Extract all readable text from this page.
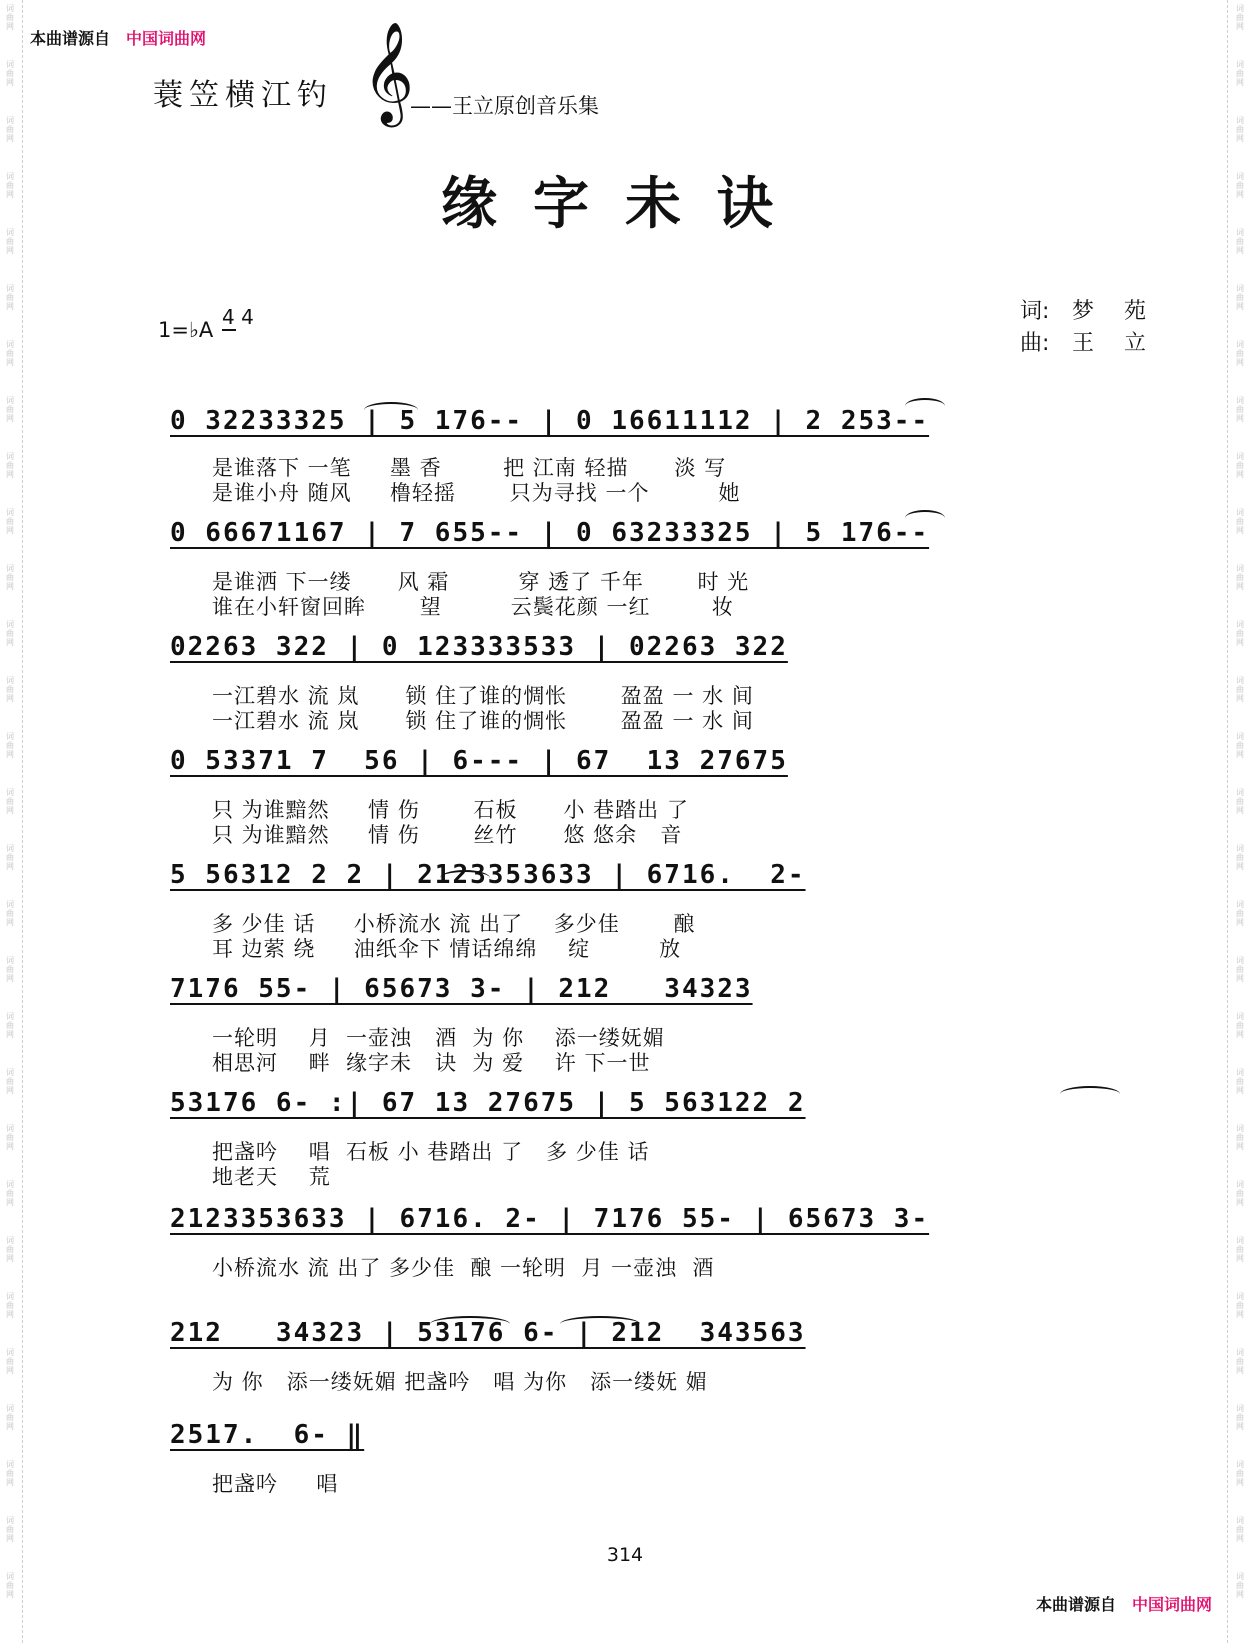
词
曲
网
词
曲
网
词
曲
网
词
曲
网
词
曲
网
词
曲
网
词
曲
网
词
曲
网
词
曲
网
词
曲
网
词
曲
网
词
曲
网
词
曲
网
词
曲
网
词
曲
网
词
曲
网
词
曲
网
词
曲
网
词
曲
网
词
曲
网
词
曲
网
词
曲
网
词
曲
网
词
曲
网
词
曲
网
词
曲
网
词
曲
网
词
曲
网
词
曲
网
词
曲
网
词
曲
网
词
曲
网
词
曲
网
词
曲
网
词
曲
网
词
曲
网
词
曲
网
词
曲
网
词
曲
网
词
曲
网
词
曲
网
词
曲
网
词
曲
网
词
曲
网
词
曲
网
词
曲
网
词
曲
网
词
曲
网
词
曲
网
词
曲
网
词
曲
网
词
曲
网
词
曲
网
词
曲
网
词
曲
网
词
曲
网
词
曲
网
词
曲
网
本曲谱源自 中国词曲网
蓑笠横江钓 𝄞
——王立原创音乐集
缘字未诀
1=♭A
4 4	词: 梦苑
曲: 王立
0 32233325 | 5 176-- | 0 16611112 | 2 253--
是谁落下 一笔     墨 香        把 江南 轻描      淡 写
是谁小舟 随风     橹轻摇       只为寻找 一个         她
0 66671167 | 7 655-- | 0 63233325 | 5 176--
是谁洒 下一缕      风 霜         穿 透了 千年       时 光
谁在小轩窗回眸       望         云鬓花颜 一红        妆
02263 322 | 0 123333533 | 02263 322
一江碧水 流 岚      锁 住了谁的惆怅       盈盈 一 水 间
一江碧水 流 岚      锁 住了谁的惆怅       盈盈 一 水 间
0 53371 7  56 | 6--- | 67  13 27675
只 为谁黯然     情 伤       石板      小 巷踏出 了
只 为谁黯然     情 伤       丝竹      悠 悠余   音
5 56312 2 2 | 2123353633 | 6716.  2-
多 少佳 话     小桥流水 流 出了    多少佳       酿
耳 边萦 绕     油纸伞下 情话绵绵    绽         放
7176 55- | 65673 3- | 212   34323
一轮明    月  一壶浊   酒  为 你    添一缕妩媚
相思河    畔  缘字未   诀  为 爱    许 下一世
53176 6- :| 67 13 27675 | 5 563122 2
把盏吟    唱  石板 小 巷踏出 了   多 少佳 话
地老天    荒
2123353633 | 6716. 2- | 7176 55- | 65673 3-
小桥流水 流 出了 多少佳  酿 一轮明  月 一壶浊  酒
212   34323 | 53176 6- | 212  343563
为 你   添一缕妩媚 把盏吟   唱 为你   添一缕妩 媚
2517.  6- ‖
把盏吟     唱
314
本曲谱源自 中国词曲网
